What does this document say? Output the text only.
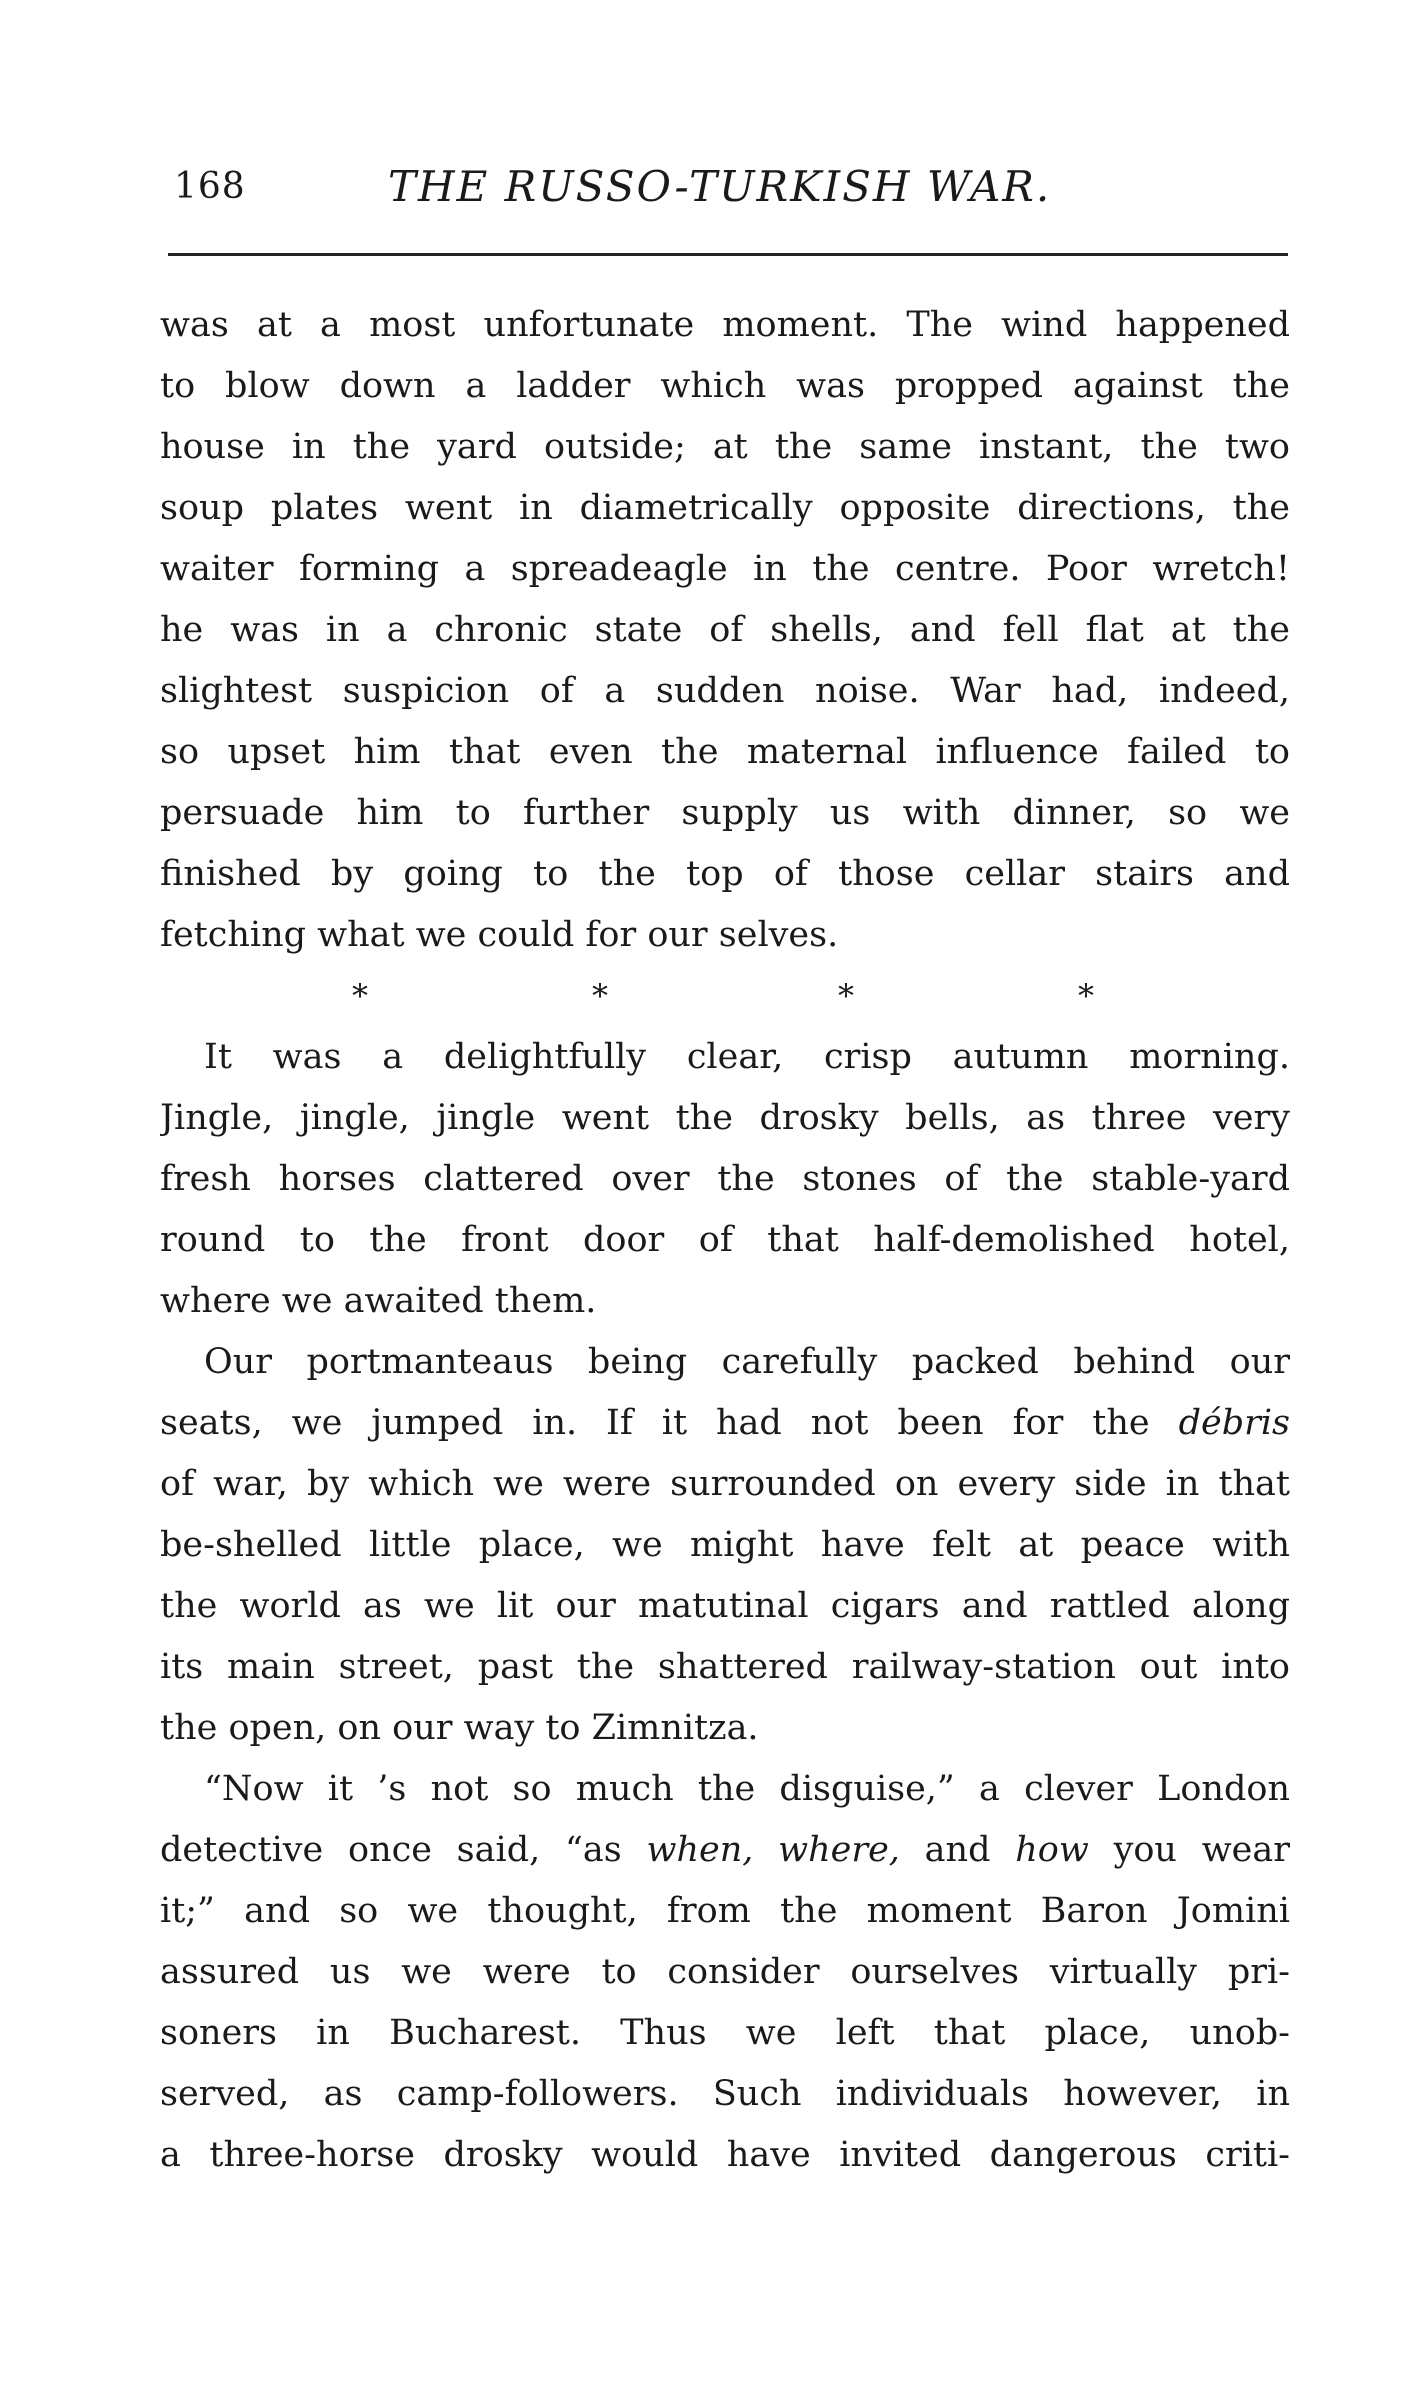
168	THE RUSSO-TURKISH WAR.
was at a most unfortunate moment. The wind happened
to blow down a ladder which was propped against the
house in the yard outside; at the same instant, the two
soup plates went in diametrically opposite directions, the
waiter forming a spreadeagle in the centre. Poor wretch!
he was in a chronic state of shells, and fell flat at the
slightest suspicion of a sudden noise. War had, indeed,
so upset him that even the maternal influence failed to
persuade him to further supply us with dinner, so we
finished by going to the top of those cellar stairs and
fetching what we could for our selves.
*	*	*	*
It was a delightfully clear, crisp autumn morning.
Jingle, jingle, jingle went the drosky bells, as three very
fresh horses clattered over the stones of the stable-yard
round to the front door of that half-demolished hotel,
where we awaited them.
Our portmanteaus being carefully packed behind our
seats, we jumped in. If it had not been for the débris
of war, by which we were surrounded on every side in that
be-shelled little place, we might have felt at peace with
the world as we lit our matutinal cigars and rattled along
its main street, past the shattered railway-station out into
the open, on our way to Zimnitza.
“Now it ’s not so much the disguise,” a clever London
detective once said, “as when, where, and how you wear
it;” and so we thought, from the moment Baron Jomini
assured us we were to consider ourselves virtually pri-
soners in Bucharest. Thus we left that place, unob-
served, as camp-followers. Such individuals however, in
a three-horse drosky would have invited dangerous criti-
